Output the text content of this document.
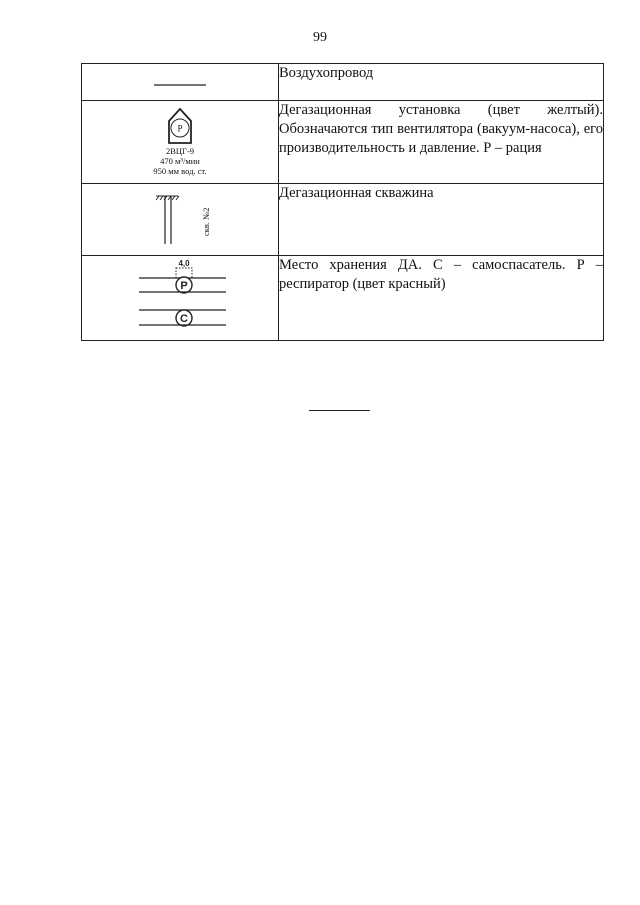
99
	Воздухопровод

Р
2ВЦГ-9
470 м³/мин
950 мм вод. ст.	Дегазационная установка (цвет желтый). Обозначаются тип вентилятора (вакуум-насоса), его производительность и давление. Р – рация

скв. №2	Дегазационная скважина

4,0
Р
С	Место хранения ДА. С – самоспасатель. Р – респиратор (цвет красный)
